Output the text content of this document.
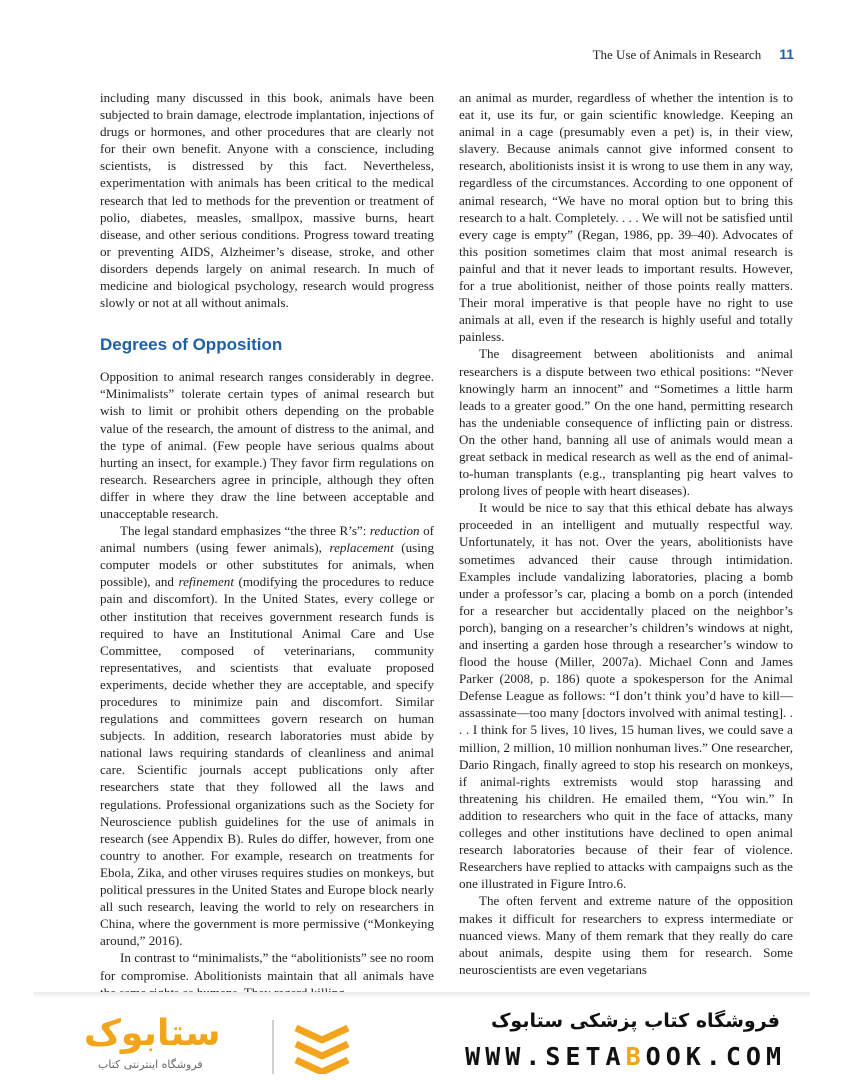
The Use of Animals in Research 11

including many discussed in this book, animals have been subjected to brain damage, electrode implantation, injections of drugs or hormones, and other procedures that are clearly not for their own benefit. Anyone with a conscience, including scientists, is distressed by this fact. Nevertheless, experimentation with animals has been critical to the medical research that led to methods for the prevention or treatment of polio, diabetes, measles, smallpox, massive burns, heart disease, and other serious conditions. Progress toward treating or preventing AIDS, Alzheimer’s disease, stroke, and other disorders depends largely on animal research. In much of medicine and biological psychology, research would progress slowly or not at all without animals.

Degrees of Opposition

Opposition to animal research ranges considerably in degree. “Minimalists” tolerate certain types of animal research but wish to limit or prohibit others depending on the probable value of the research, the amount of distress to the animal, and the type of animal. (Few people have serious qualms about hurting an insect, for example.) They favor firm regulations on research. Researchers agree in principle, although they often differ in where they draw the line between acceptable and unacceptable research.

The legal standard emphasizes “the three R’s”: reduction of animal numbers (using fewer animals), replacement (using computer models or other substitutes for animals, when possible), and refinement (modifying the procedures to reduce pain and discomfort). In the United States, every college or other institution that receives government research funds is required to have an Institutional Animal Care and Use Committee, composed of veterinarians, community representatives, and scientists that evaluate proposed experiments, decide whether they are acceptable, and specify procedures to minimize pain and discomfort. Similar regulations and committees govern research on human subjects. In addition, research laboratories must abide by national laws requiring standards of cleanliness and animal care. Scientific journals accept publications only after researchers state that they followed all the laws and regulations. Professional organizations such as the Society for Neuroscience publish guidelines for the use of animals in research (see Appendix B). Rules do differ, however, from one country to another. For example, research on treatments for Ebola, Zika, and other viruses requires studies on monkeys, but political pressures in the United States and Europe block nearly all such research, leaving the world to rely on researchers in China, where the government is more permissive (“Monkeying around,” 2016).

In contrast to “minimalists,” the “abolitionists” see no room for compromise. Abolitionists maintain that all animals have

an animal as murder, regardless of whether the intention is to eat it, use its fur, or gain scientific knowledge. Keeping an animal in a cage (presumably even a pet) is, in their view, slavery. Because animals cannot give informed consent to research, abolitionists insist it is wrong to use them in any way, regardless of the circumstances. According to one opponent of animal research, “We have no moral option but to bring this research to a halt. Completely. . . . We will not be satisfied until every cage is empty” (Regan, 1986, pp. 39–40). Advocates of this position sometimes claim that most animal research is painful and that it never leads to important results. However, for a true abolitionist, neither of those points really matters. Their moral imperative is that people have no right to use animals at all, even if the research is highly useful and totally painless.

The disagreement between abolitionists and animal researchers is a dispute between two ethical positions: “Never knowingly harm an innocent” and “Sometimes a little harm leads to a greater good.” On the one hand, permitting research has the undeniable consequence of inflicting pain or distress. On the other hand, banning all use of animals would mean a great setback in medical research as well as the end of animal-to-human transplants (e.g., transplanting pig heart valves to prolong lives of people with heart diseases).

It would be nice to say that this ethical debate has always proceeded in an intelligent and mutually respectful way. Unfortunately, it has not. Over the years, abolitionists have sometimes advanced their cause through intimidation. Examples include vandalizing laboratories, placing a bomb under a professor’s car, placing a bomb on a porch (intended for a researcher but accidentally placed on the neighbor’s porch), banging on a researcher’s children’s windows at night, and inserting a garden hose through a researcher’s window to flood the house (Miller, 2007a). Michael Conn and James Parker (2008, p. 186) quote a spokesperson for the Animal Defense League as follows: “I don’t think you’d have to kill—assassinate—too many [doctors involved with animal testing]. . . . I think for 5 lives, 10 lives, 15 human lives, we could save a million, 2 million, 10 million nonhuman lives.” One researcher, Dario Ringach, finally agreed to stop his research on monkeys, if animal-rights extremists would stop harassing and threatening his children. He emailed them, “You win.” In addition to researchers who quit in the face of attacks, many colleges and other institutions have declined to open animal research laboratories because of their fear of violence. Researchers have replied to attacks with campaigns such as the one illustrated in Figure Intro.6.

The often fervent and extreme nature of the opposition makes it difficult for researchers to express intermediate or nuanced views. Many of them remark that they really do care about animals, despite using them for research. Some neuroscientists are even vegetarians

ستابوک
فروشگاه اینترنتی کتاب
فروشگاه کتاب پزشکی ستابوک
WWW.SETABOOK.COM
